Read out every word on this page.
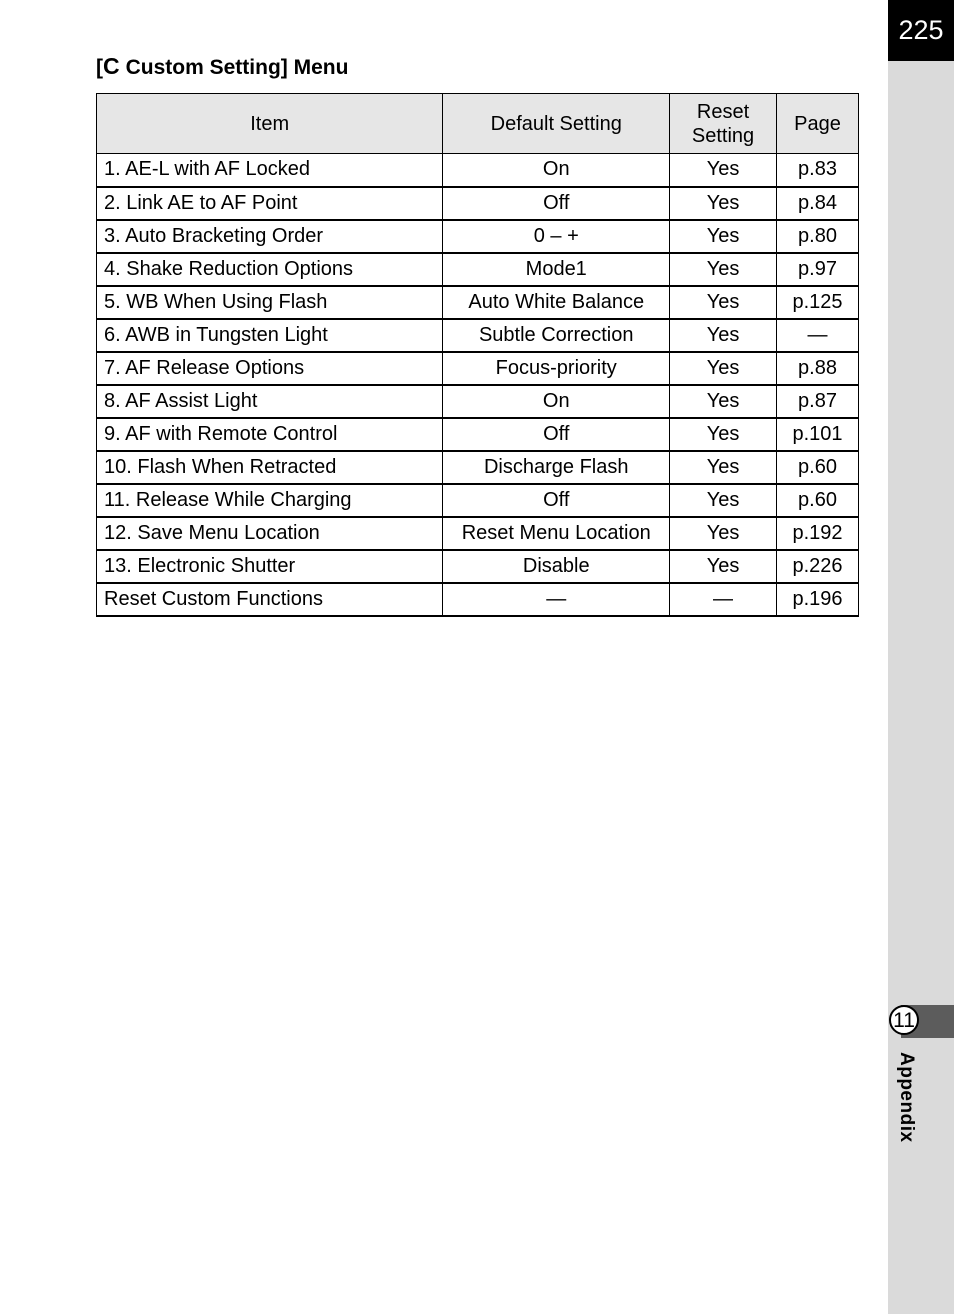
225
11
Appendix
[C Custom Setting] Menu
Item	Default Setting	Reset Setting	Page
1. AE-L with AF Locked	On	Yes	p.83
2. Link AE to AF Point	Off	Yes	p.84
3. Auto Bracketing Order	0 – +	Yes	p.80
4. Shake Reduction Options	Mode1	Yes	p.97
5. WB When Using Flash	Auto White Balance	Yes	p.125
6. AWB in Tungsten Light	Subtle Correction	Yes	—
7. AF Release Options	Focus-priority	Yes	p.88
8. AF Assist Light	On	Yes	p.87
9. AF with Remote Control	Off	Yes	p.101
10. Flash When Retracted	Discharge Flash	Yes	p.60
11. Release While Charging	Off	Yes	p.60
12. Save Menu Location	Reset Menu Location	Yes	p.192
13. Electronic Shutter	Disable	Yes	p.226
Reset Custom Functions	—	—	p.196
